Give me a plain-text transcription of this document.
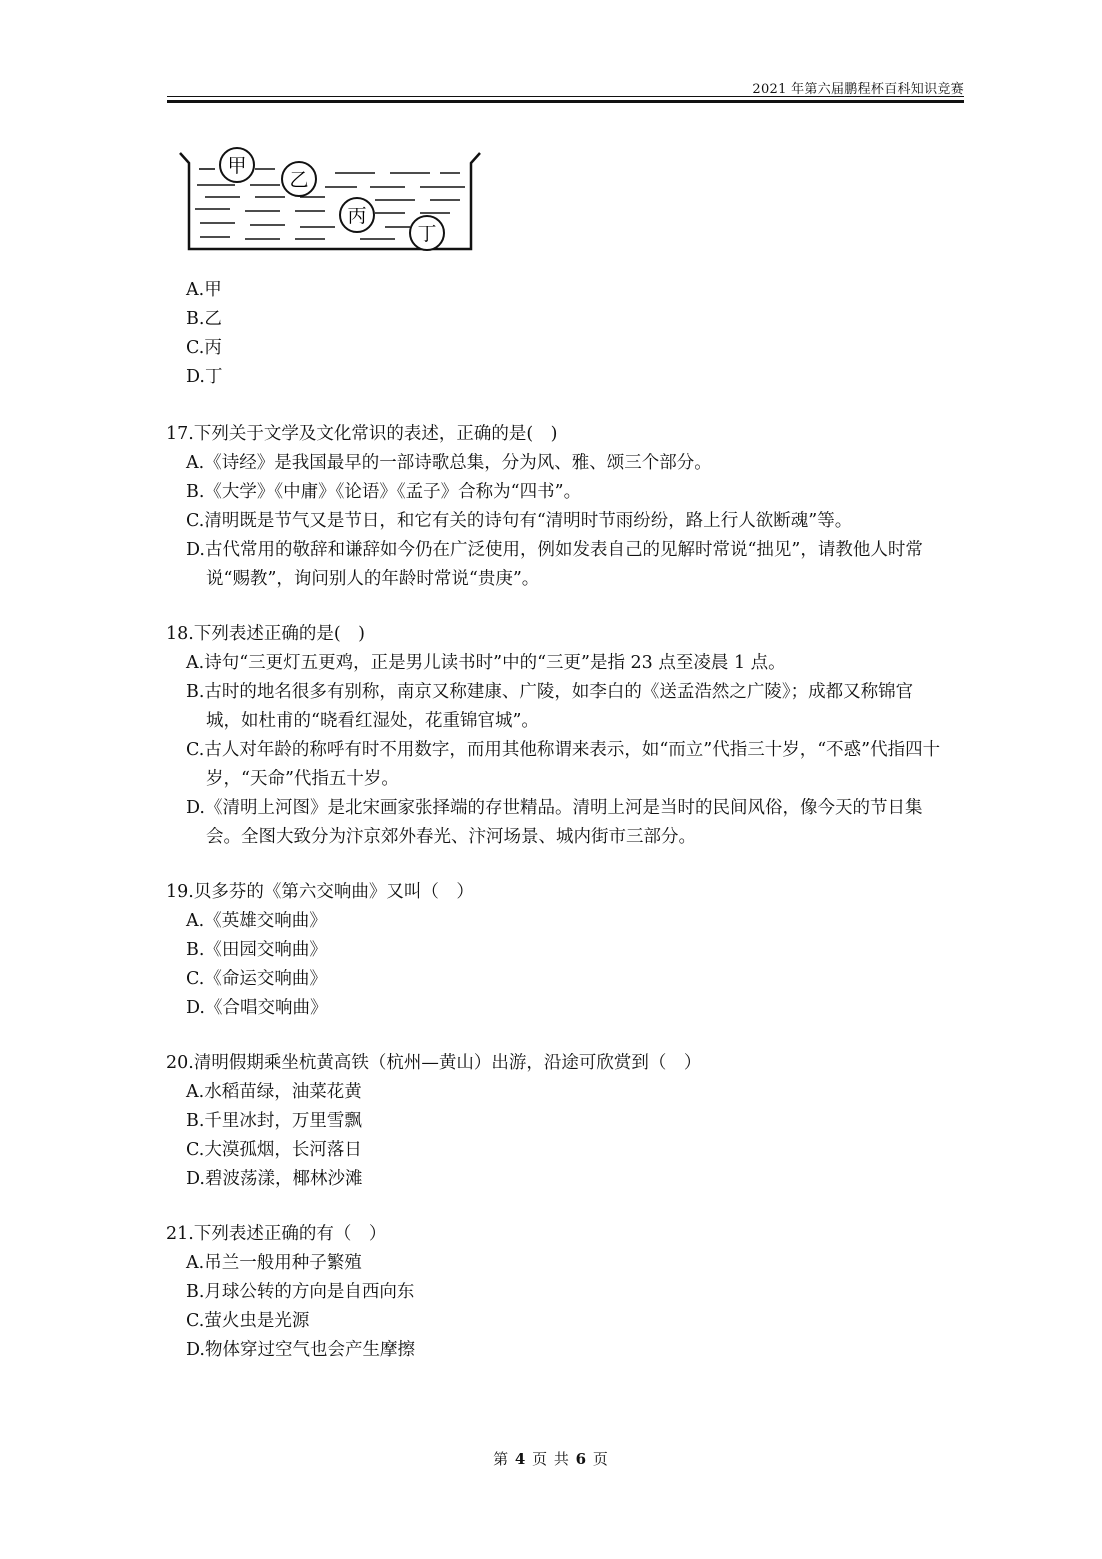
2021 年第六届鹏程杯百科知识竞赛
甲
乙
丙
丁
A.甲
B.乙
C.丙
D.丁
17.下列关于文学及文化常识的表述，正确的是(　)
A.《诗经》是我国最早的一部诗歌总集，分为风、雅、颂三个部分。
B.《大学》《中庸》《论语》《孟子》合称为“四书”。
C.清明既是节气又是节日，和它有关的诗句有“清明时节雨纷纷，路上行人欲断魂”等。
D.古代常用的敬辞和谦辞如今仍在广泛使用，例如发表自己的见解时常说“拙见”，请教他人时常说“赐教”，询问别人的年龄时常说“贵庚”。
18.下列表述正确的是(　)
A.诗句“三更灯五更鸡，正是男儿读书时”中的“三更”是指 23 点至凌晨 1 点。
B.古时的地名很多有别称，南京又称建康、广陵，如李白的《送孟浩然之广陵》；成都又称锦官城，如杜甫的“晓看红湿处，花重锦官城”。
C.古人对年龄的称呼有时不用数字，而用其他称谓来表示，如“而立”代指三十岁，“不惑”代指四十岁，“天命”代指五十岁。
D.《清明上河图》是北宋画家张择端的存世精品。清明上河是当时的民间风俗，像今天的节日集会。全图大致分为汴京郊外春光、汴河场景、城内街市三部分。
19.贝多芬的《第六交响曲》又叫（　）
A.《英雄交响曲》
B.《田园交响曲》
C.《命运交响曲》
D.《合唱交响曲》
20.清明假期乘坐杭黄高铁（杭州—黄山）出游，沿途可欣赏到（　）
A.水稻苗绿，油菜花黄
B.千里冰封，万里雪飘
C.大漠孤烟，长河落日
D.碧波荡漾，椰林沙滩
21.下列表述正确的有（　）
A.吊兰一般用种子繁殖
B.月球公转的方向是自西向东
C.萤火虫是光源
D.物体穿过空气也会产生摩擦
第 4 页 共 6 页
